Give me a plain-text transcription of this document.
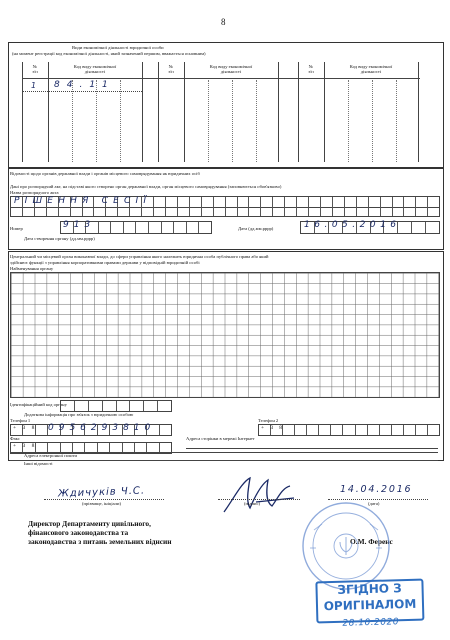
8
Види економічної діяльності юридичної особи
(на момент реєстрації код економічної діяльності, який зазначений першим, вважається основним)
№
з/п
Код виду економічної
діяльності
№
з/п
Код виду економічної
діяльності
№
з/п
Код виду економічної
діяльності
1 84.11
Відомості щодо органів державної влади і органів місцевого самоврядування як юридичних осіб
Дані про розпорядчий акт, на підставі якого створено орган державної влади, орган місцевого самоврядування (заповнюється обов'язково)
Назва розпорядчого акта
РІШЕННЯ СЕСІЇ
Номер	913	Дата (дд.мм.рррр)	16.05.2016
Дата створення органу (дд.мм.рррр)
Центральний чи місцевий орган виконавчої влади, до сфери управління якого належить юридична особа публічного права або який
здійснює функції з управління корпоративними правами держави у відповідній юридичній особі
Найменування органу
Ідентифікаційний код органу
Додаткова інформація про зв'язок з юридичною особою
Телефон 1	Телефон 2
+38 0956293810	+38
Факс	Адреса сторінки в мережі Інтернет
+38
Адреса електронної пошти
Інші відомості
Ждичуків Ч.С.
(прізвище, ініціали)	(підпис)
14.04.2016
(дата)
Директор Департаменту цивільного,
фінансового законодавства та
законодавства з питань земельних віднсин	О.М. Ференс
ЗГІДНО З
ОРИГІНАЛОМ
28.10.2020
